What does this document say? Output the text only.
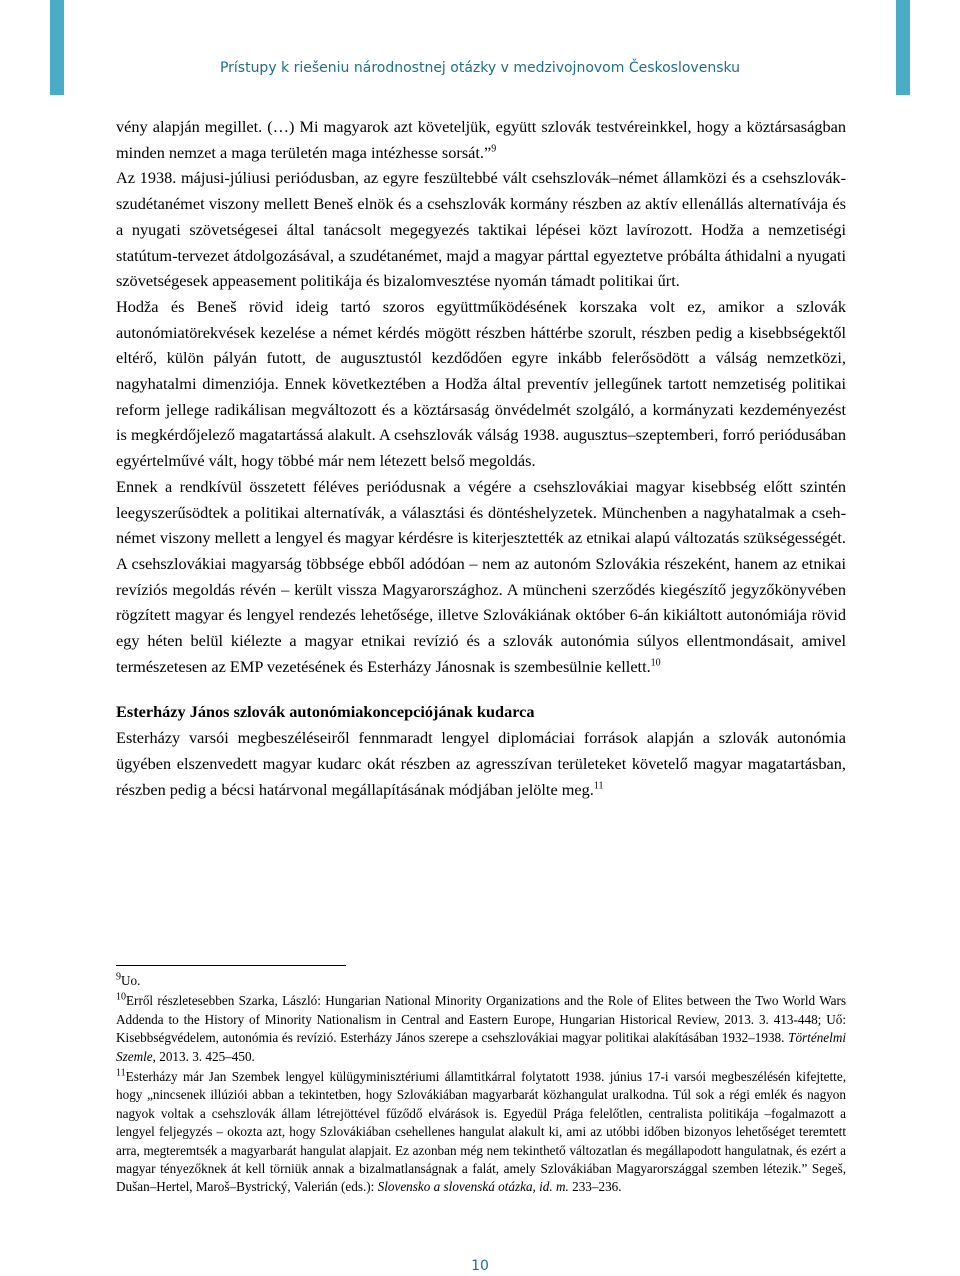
Prístupy k riešeniu národnostnej otázky v medzivojnovom Československu

vény alapján megillet. (…) Mi magyarok azt követeljük, együtt szlovák testvéreinkkel, hogy a köztársaságban minden nemzet a maga területén maga intézhesse sorsát.”$^9$
Az 1938. májusi-júliusi periódusban, az egyre feszültebbé vált csehszlovák–német államközi és a csehszlovák-szudétanémet viszony mellett Beneš elnök és a csehszlovák kormány részben az aktív ellenállás alternatívája és a nyugati szövetségesei által tanácsolt megegyezés taktikai lépései közt lavírozott. Hodža a nemzetiségi statútum-tervezet átdolgozásával, a szudétanémet, majd a magyar párttal egyeztetve próbálta áthidalni a nyugati szövetségesek appeasement politikája és bizalomvesztése nyomán támadt politikai űrt.

Hodža és Beneš rövid ideig tartó szoros együttműködésének korszaka volt ez, amikor a szlovák autonómiatörekvések kezelése a német kérdés mögött részben háttérbe szorult, részben pedig a kisebbségektől eltérő, külön pályán futott, de augusztustól kezdődően egyre inkább felerősödött a válság nemzetközi, nagyhatalmi dimenziója. Ennek következtében a Hodža által preventív jellegűnek tartott nemzetiség politikai reform jellege radikálisan megváltozott és a köztársaság önvédelmét szolgáló, a kormányzati kezdeményezést is megkérdőjelező magatartássá alakult. A csehszlovák válság 1938. augusztus–szeptemberi, forró periódusában egyértelművé vált, hogy többé már nem létezett belső megoldás.

Ennek a rendkívül összetett féléves periódusnak a végére a csehszlovákiai magyar kisebbség előtt szintén leegyszerűsödtek a politikai alternatívák, a választási és döntéshelyzetek. Münchenben a nagyhatalmak a cseh-német viszony mellett a lengyel és magyar kérdésre is kiterjesztették az etnikai alapú változatás szükségességét. A csehszlovákiai magyarság többsége ebből adódóan – nem az autonóm Szlovákia részeként, hanem az etnikai revíziós megoldás révén – került vissza Magyarországhoz. A müncheni szerződés kiegészítő jegyzőkönyvében rögzített magyar és lengyel rendezés lehetősége, illetve Szlovákiának október 6-án kikiáltott autonómiája rövid egy héten belül kiélezte a magyar etnikai revízió és a szlovák autonómia súlyos ellentmondásait, amivel természetesen az EMP vezetésének és Esterházy Jánosnak is szembesülnie kellett.$^{10}$

Esterházy János szlovák autonómiakoncepciójának kudarca

Esterházy varsói megbeszéléseiről fennmaradt lengyel diplomáciai források alapján a szlovák autonómia ügyében elszenvedett magyar kudarc okát részben az agresszívan területeket követelő magyar magatartásban, részben pedig a bécsi határvonal megállapításának módjában jelölte meg.$^{11}$

$^9$Uo.
$^{10}$Erről részletesebben Szarka, László: Hungarian National Minority Organizations and the Role of Elites between the Two World Wars Addenda to the History of Minority Nationalism in Central and Eastern Europe, Hungarian Historical Review, 2013. 3. 413-448; Uő: Kisebbségvédelem, autonómia és revízió. Esterházy János szerepe a csehszlovákiai magyar politikai alakításában 1932–1938. Történelmi Szemle, 2013. 3. 425–450.
$^{11}$Esterházy már Jan Szembek lengyel külügyminisztériumi államtitkárral folytatott 1938. június 17-i varsói megbeszélésén kifejtette, hogy „nincsenek illúziói abban a tekintetben, hogy Szlovákiában magyarbarát közhangulat uralkodna. Túl sok a régi emlék és nagyon nagyok voltak a csehszlovák állam létrejöttével fűződő elvárások is. Egyedül Prága felelőtlen, centralista politikája –fogalmazott a lengyel feljegyzés – okozta azt, hogy Szlovákiában csehellenes hangulat alakult ki, ami az utóbbi időben bizonyos lehetőséget teremtett arra, megteremtsék a magyarbarát hangulat alapjait. Ez azonban még nem tekinthető változatlan és megállapodott hangulatnak, és ezért a magyar tényezőknek át kell törniük annak a bizalmatlanságnak a falát, amely Szlovákiában Magyarországgal szemben létezik.” Segeš, Dušan–Hertel, Maroš–Bystrický, Valerián (eds.): Slovensko a slovenská otázka, id. m. 233–236.
10
